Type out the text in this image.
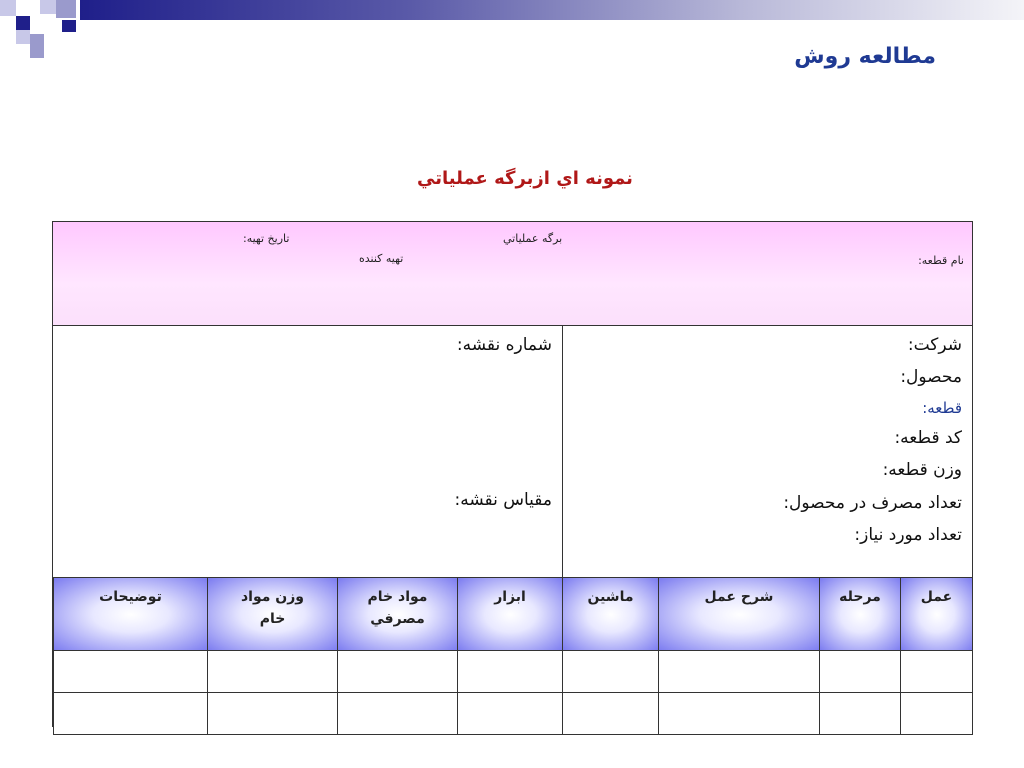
مطالعه روش
نمونه اي ازبرگه عملياتي
برگه عملياتي
تاريخ تهيه:
تهيه كننده	نام قطعه:
شماره نقشه:
مقياس نقشه:
شركت:
محصول:
قطعه:
كد قطعه:
وزن قطعه:
تعداد مصرف در محصول:
تعداد مورد نياز:
توضيحات	وزن مواد خام	مواد خام مصرفي	ابزار	ماشين	شرح عمل	مرحله	عمل
